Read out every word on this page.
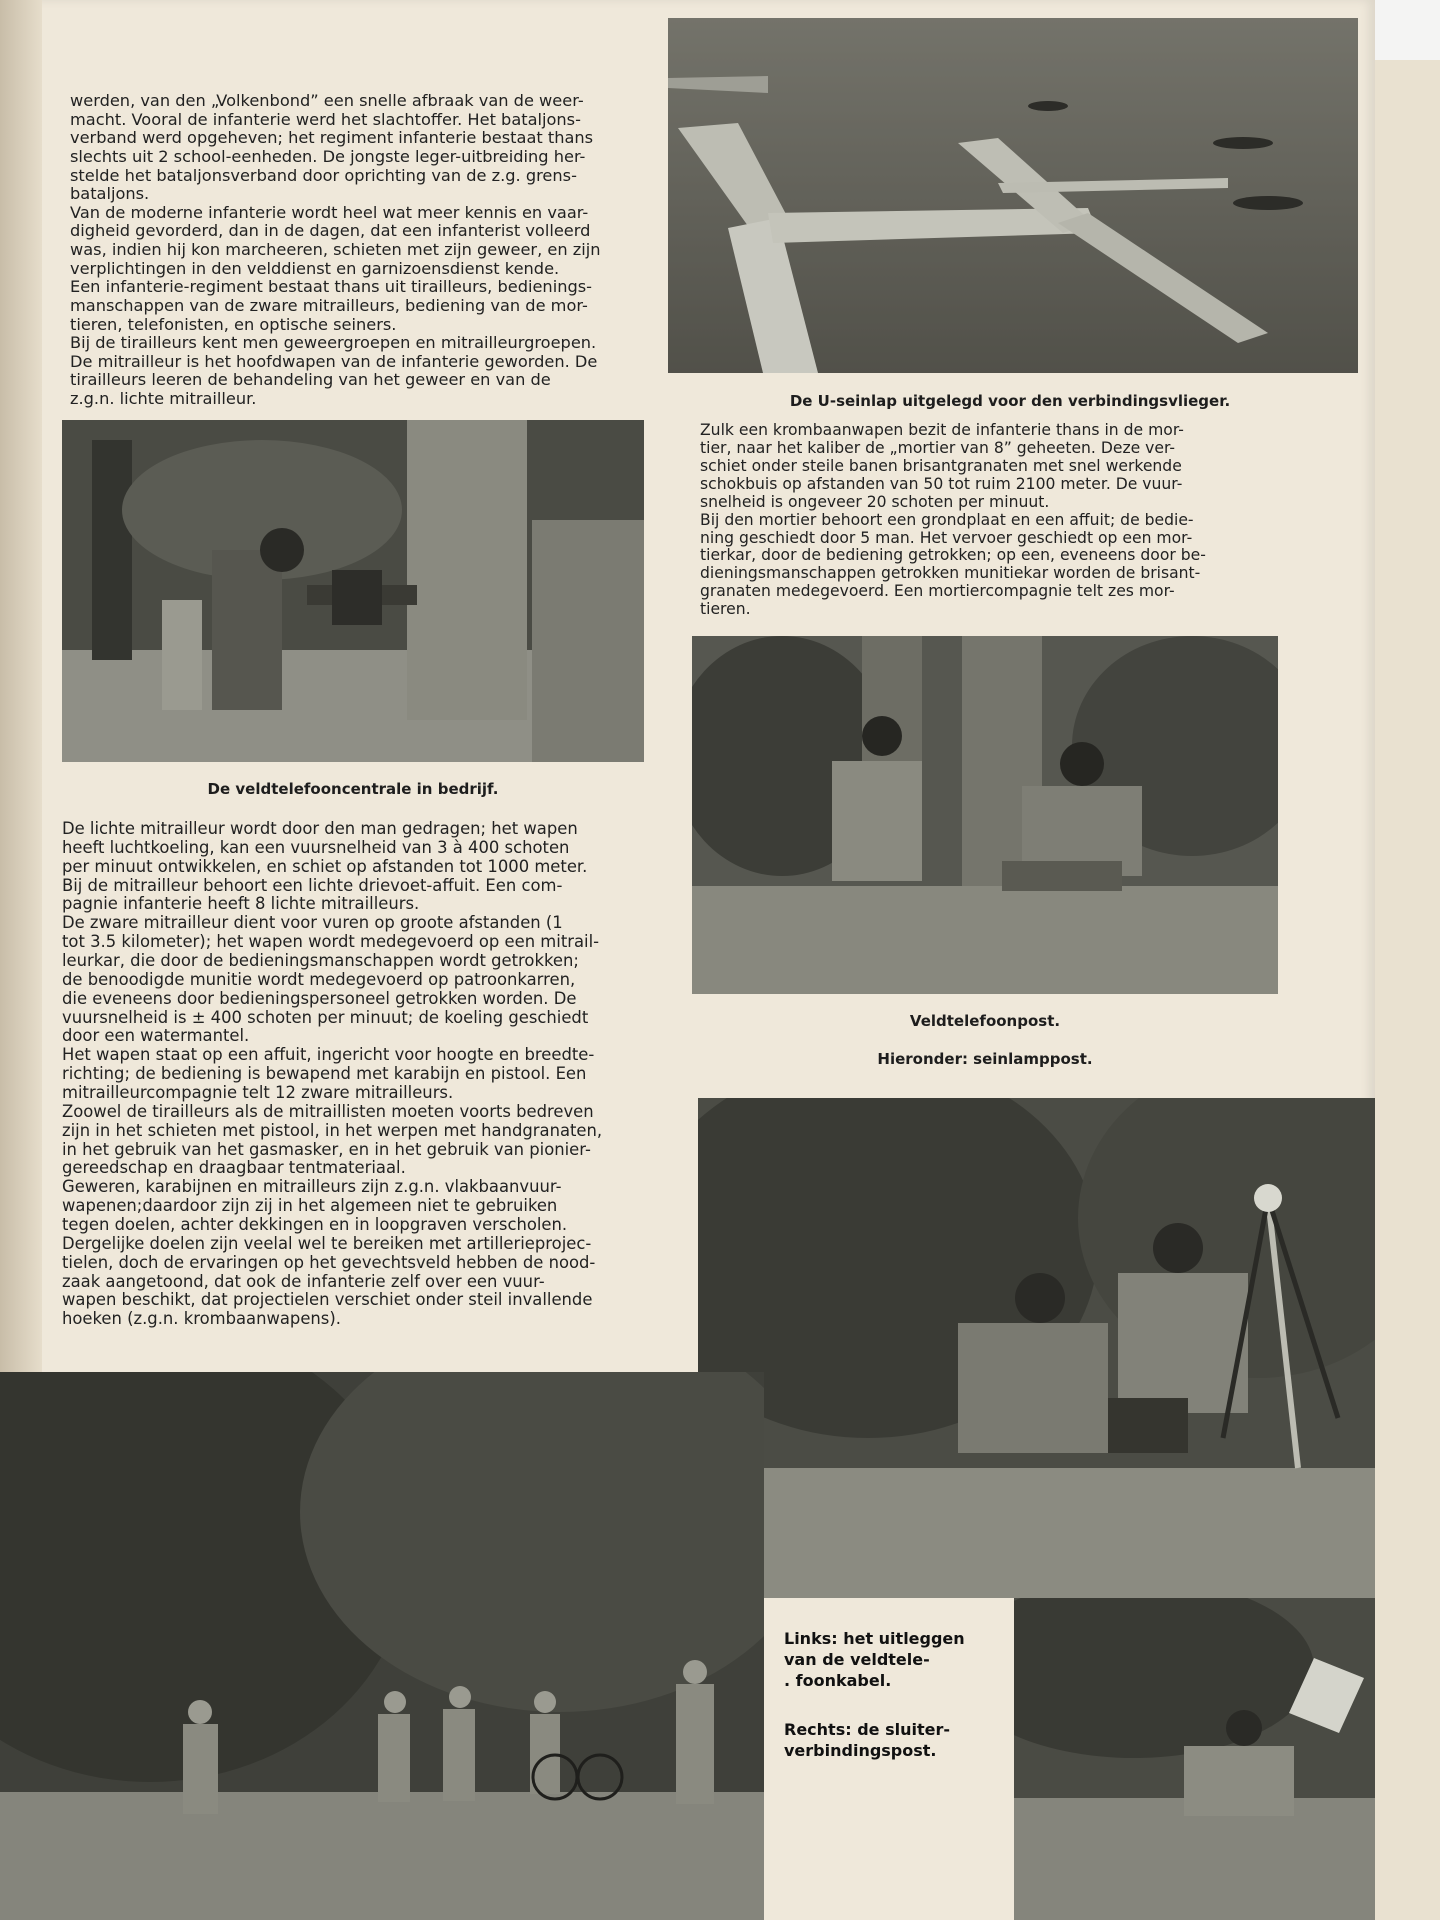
werden, van den „Volkenbond” een snelle afbraak van de weer-
macht. Vooral de infanterie werd het slachtoffer. Het bataljons-
verband werd opgeheven; het regiment infanterie bestaat thans
slechts uit 2 school-eenheden. De jongste leger-uitbreiding her-
stelde het bataljonsverband door oprichting van de z.g. grens-
bataljons.

Van de moderne infanterie wordt heel wat meer kennis en vaar-
digheid gevorderd, dan in de dagen, dat een infanterist volleerd
was, indien hij kon marcheeren, schieten met zijn geweer, en zijn
verplichtingen in den velddienst en garnizoensdienst kende.

Een infanterie-regiment bestaat thans uit tirailleurs, bedienings-
manschappen van de zware mitrailleurs, bediening van de mor-
tieren, telefonisten, en optische seiners.

Bij de tirailleurs kent men geweergroepen en mitrailleurgroepen.

De mitrailleur is het hoofdwapen van de infanterie geworden. De
tirailleurs leeren de behandeling van het geweer en van de
z.g.n. lichte mitrailleur.	De U-seinlap uitgelegd voor den verbindingsvlieger.
De veldtelefooncentrale in bedrijf.

Zulk een krombaanwapen bezit de infanterie thans in de mor-
tier, naar het kaliber de „mortier van 8” geheeten. Deze ver-
schiet onder steile banen brisantgranaten met snel werkende
schokbuis op afstanden van 50 tot ruim 2100 meter. De vuur-
snelheid is ongeveer 20 schoten per minuut.

Bij den mortier behoort een grondplaat en een affuit; de bedie-
ning geschiedt door 5 man. Het vervoer geschiedt op een mor-
tierkar, door de bediening getrokken; op een, eveneens door be-
dieningsmanschappen getrokken munitiekar worden de brisant-
granaten medegevoerd. Een mortiercompagnie telt zes mor-
tieren.

Veldtelefoonpost.
Hieronder: seinlamppost.

De lichte mitrailleur wordt door den man gedragen; het wapen
heeft luchtkoeling, kan een vuursnelheid van 3 à 400 schoten
per minuut ontwikkelen, en schiet op afstanden tot 1000 meter.

Bij de mitrailleur behoort een lichte drievoet-affuit. Een com-
pagnie infanterie heeft 8 lichte mitrailleurs.

De zware mitrailleur dient voor vuren op groote afstanden (1
tot 3.5 kilometer); het wapen wordt medegevoerd op een mitrail-
leurkar, die door de bedieningsmanschappen wordt getrokken;
de benoodigde munitie wordt medegevoerd op patroonkarren,
die eveneens door bedieningspersoneel getrokken worden. De
vuursnelheid is ± 400 schoten per minuut; de koeling geschiedt
door een watermantel.

Het wapen staat op een affuit, ingericht voor hoogte en breedte-
richting; de bediening is bewapend met karabijn en pistool. Een
mitrailleurcompagnie telt 12 zware mitrailleurs.

Zoowel de tirailleurs als de mitraillisten moeten voorts bedreven
zijn in het schieten met pistool, in het werpen met handgranaten,
in het gebruik van het gasmasker, en in het gebruik van pionier-
gereedschap en draagbaar tentmateriaal.

Geweren, karabijnen en mitrailleurs zijn z.g.n. vlakbaanvuur-
wapenen;daardoor zijn zij in het algemeen niet te gebruiken
tegen doelen, achter dekkingen en in loopgraven verscholen.
Dergelijke doelen zijn veelal wel te bereiken met artillerieprojec-
tielen, doch de ervaringen op het gevechtsveld hebben de nood-
zaak aangetoond, dat ook de infanterie zelf over een vuur-
wapen beschikt, dat projectielen verschiet onder steil invallende
hoeken (z.g.n. krombaanwapens).

Links: het uitleggen
van de veldtele-
. foonkabel.

Rechts: de sluiter-
verbindingspost.
